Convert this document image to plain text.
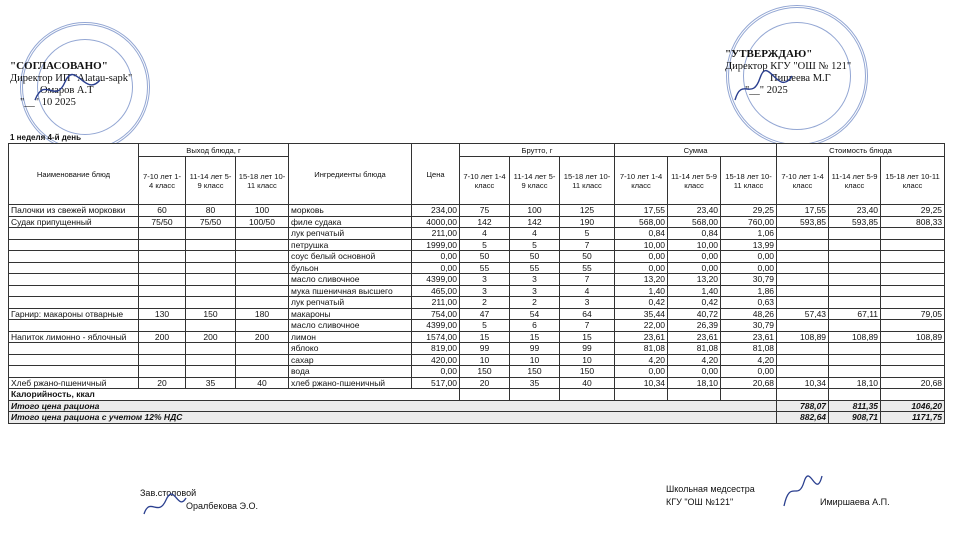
"СОГЛАСОВАНО"
Директор ИП "Alatau-sapk"
Омаров А.Т
"__" 10 2025
1 неделя 4-й день
"УТВЕРЖДАЮ"
Директор КГУ "ОШ № 121"
Пишеева М.Г
"__" 2025
Наименование блюд	Выход блюда, г			Ингредиенты блюда	Цена	Брутто, г			Сумма			Стоимость блюда		
	7-10 лет 1-4 класс	11-14 лет 5-9 класс	15-18 лет 10-11 класс			7-10 лет 1-4 класс	11-14 лет 5-9 класс	15-18 лет 10-11 класс	7-10 лет 1-4 класс	11-14 лет 5-9 класс	15-18 лет 10-11 класс	7-10 лет 1-4 класс	11-14 лет 5-9 класс	15-18 лет 10-11 класс
Палочки из свежей морковки	60	80	100	морковь	234,00	75	100	125	17,55	23,40	29,25	17,55	23,40	29,25
Судак припущенный	75/50	75/50	100/50	филе судака	4000,00	142	142	190	568,00	568,00	760,00	593,85	593,85	808,33
				лук репчатый	211,00	4	4	5	0,84	0,84	1,06			
				петрушка	1999,00	5	5	7	10,00	10,00	13,99			
				соус белый основной	0,00	50	50	50	0,00	0,00	0,00			
				бульон	0,00	55	55	55	0,00	0,00	0,00			
				масло сливочное	4399,00	3	3	7	13,20	13,20	30,79			
				мука пшеничная высшего	465,00	3	3	4	1,40	1,40	1,86			
				лук репчатый	211,00	2	2	3	0,42	0,42	0,63			
Гарнир: макароны отварные	130	150	180	макароны	754,00	47	54	64	35,44	40,72	48,26	57,43	67,11	79,05
				масло сливочное	4399,00	5	6	7	22,00	26,39	30,79			
Напиток лимонно - яблочный	200	200	200	лимон	1574,00	15	15	15	23,61	23,61	23,61	108,89	108,89	108,89
				яблоко	819,00	99	99	99	81,08	81,08	81,08			
				сахар	420,00	10	10	10	4,20	4,20	4,20			
				вода	0,00	150	150	150	0,00	0,00	0,00			
Хлеб ржано-пшеничный	20	35	40	хлеб ржано-пшеничный	517,00	20	35	40	10,34	18,10	20,68	10,34	18,10	20,68
Калорийность, ккал														
Итого цена рациона												788,07	811,35	1046,20
Итого цена рациона с учетом 12% НДС												882,64	908,71	1171,75
Зав.столовой
Оралбекова Э.О.
Школьная медсестра
КГУ "ОШ №121"	Имиршаева А.П.
